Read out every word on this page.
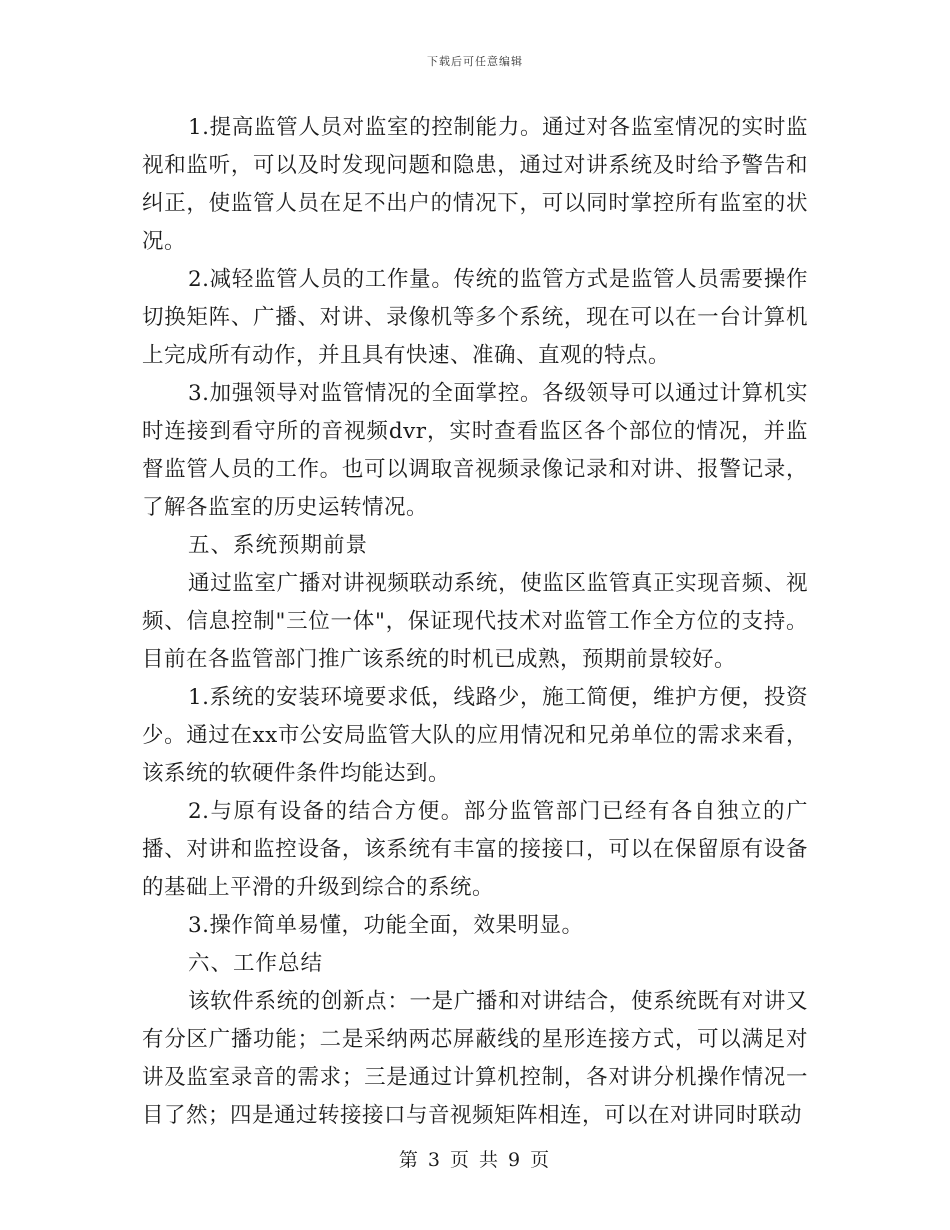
下载后可任意编辑

1.提高监管人员对监室的控制能力。通过对各监室情况的实时监视和监听，可以及时发现问题和隐患，通过对讲系统及时给予警告和纠正，使监管人员在足不出户的情况下，可以同时掌控所有监室的状况。

2.减轻监管人员的工作量。传统的监管方式是监管人员需要操作切换矩阵、广播、对讲、录像机等多个系统，现在可以在一台计算机上完成所有动作，并且具有快速、准确、直观的特点。

3.加强领导对监管情况的全面掌控。各级领导可以通过计算机实时连接到看守所的音视频dvr，实时查看监区各个部位的情况，并监督监管人员的工作。也可以调取音视频录像记录和对讲、报警记录，了解各监室的历史运转情况。

五、系统预期前景

通过监室广播对讲视频联动系统，使监区监管真正实现音频、视频、信息控制"三位一体"，保证现代技术对监管工作全方位的支持。目前在各监管部门推广该系统的时机已成熟，预期前景较好。

1.系统的安装环境要求低，线路少，施工简便，维护方便，投资少。通过在xx市公安局监管大队的应用情况和兄弟单位的需求来看，该系统的软硬件条件均能达到。

2.与原有设备的结合方便。部分监管部门已经有各自独立的广播、对讲和监控设备，该系统有丰富的接接口，可以在保留原有设备的基础上平滑的升级到综合的系统。

3.操作简单易懂，功能全面，效果明显。

六、工作总结

该软件系统的创新点：一是广播和对讲结合，使系统既有对讲又有分区广播功能；二是采纳两芯屏蔽线的星形连接方式，可以满足对讲及监室录音的需求；三是通过计算机控制，各对讲分机操作情况一目了然；四是通过转接接口与音视频矩阵相连，可以在对讲同时联动

第 3 页 共 9 页
